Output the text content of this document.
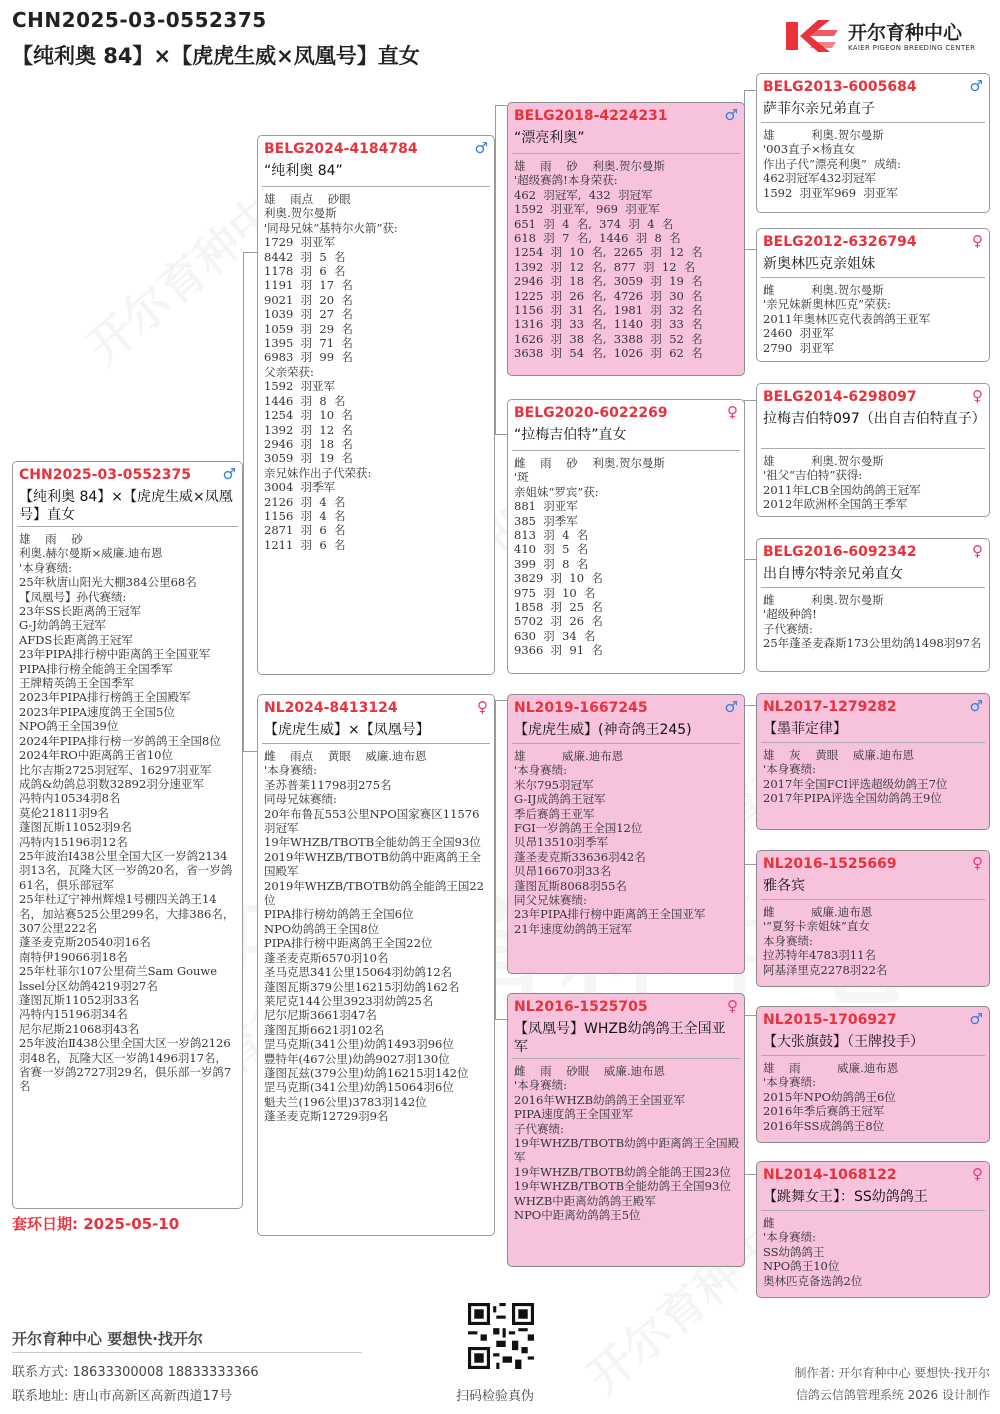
CHN2025-03-0552375
【纯利奥 84】×【虎虎生威×凤凰号】直女
开尔育种中心
KAIER PIGEON BREEDING CENTER
CHN2025-03-0552375 ♂
【纯利奥 84】×【虎虎生威×凤凰号】直女
雄    雨    砂
利奥.赫尔曼斯×威廉.迪布恩
'本身赛绩:
25年秋唐山阳光大棚384公里68名
【凤凰号】孙代赛绩:
23年SS长距离鸽王冠军
G-J幼鸽鸽王冠军
AFDS长距离鸽王冠军
23年PIPA排行榜中距离鸽王全国亚军
PIPA排行榜全能鸽王全国季军
王牌精英鸽王全国季军
2023年PIPA排行榜鸽王全国殿军
2023年PIPA速度鸽王全国5位
NPO鸽王全国39位
2024年PIPA排行榜一岁鸽鸽王全国8位
2024年RO中距离鸽王省10位
比尔吉斯2725羽冠军、16297羽亚军
成鸽&幼鸽总羽数32892羽分速亚军
冯特内10534羽8名
莫伦21811羽9名
蓬图瓦斯11052羽9名
冯特内15196羽12名
25年波治Ⅰ438公里全国大区一岁鸽2134羽13名，瓦隆大区一岁鸽20名，省一岁鸽61名，俱乐部冠军
25年杜辽宁神州辉煌1号棚四关鸽王14名，加站赛525公里299名，大排386名，307公里222名
蓬圣麦克斯20540羽16名
南特伊19066羽18名
25年杜菲尔107公里荷兰Sam Gouwe lssel分区幼鸽4219羽27名
蓬图瓦斯11052羽33名
冯特内15196羽34名
尼尔尼斯21068羽43名
25年波治Ⅱ438公里全国大区一岁鸽2126羽48名，瓦隆大区一岁鸽1496羽17名，省赛一岁鸽2727羽29名，俱乐部一岁鸽7名
BELG2024-4184784	♂
“纯利奥 84”
雄    雨点    砂眼
利奥.贺尔曼斯
'同母兄妹“基特尔火箭”获:
1729  羽亚军
8442  羽  5  名
1178  羽  6  名
1191  羽  17  名
9021  羽  20  名
1039  羽  27  名
1059  羽  29  名
1395  羽  71  名
6983  羽  99  名
父亲荣获:
1592  羽亚军
1446  羽  8  名
1254  羽  10  名
1392  羽  12  名
2946  羽  18  名
3059  羽  19  名
亲兄妹作出子代荣获:
3004  羽季军
2126  羽  4  名
1156  羽  4  名
2871  羽  6  名
1211  羽  6  名
NL2024-8413124	♀
【虎虎生威】×【凤凰号】
雌    雨点    黄眼    威廉.迪布恩
'本身赛绩:
圣苏普莱11798羽275名
同母兄妹赛绩:
20年布鲁瓦553公里NPO国家赛区11576羽冠军
19年WHZB/TBOTB全能幼鸽王全国93位
2019年WHZB/TBOTB幼鸽中距离鸽王全国殿军
2019年WHZB/TBOTB幼鸽全能鸽王国22位
PIPA排行榜幼鸽鸽王全国6位
NPO幼鸽鸽王全国8位
PIPA排行榜中距离鸽王全国22位
蓬圣麦克斯6570羽10名
圣马克思341公里15064羽幼鸽12名
蓬图瓦斯379公里16215羽幼鸽162名
莱尼克144公里3923羽幼鸽25名
尼尔尼斯3661羽47名
蓬图瓦斯6621羽102名
罡马克斯(341公里)幼鸽1493羽96位
豐特年(467公里)幼鸽9027羽130位
蓬图瓦兹(379公里)幼鸽16215羽142位
罡马克斯(341公里)幼鸽15064羽6位
魁夫兰(196公里)3783羽142位
蓬圣麦克斯12729羽9名
BELG2018-4224231	♂
“漂亮利奥”
雄    雨    砂    利奥.贺尔曼斯
'超级赛鸽!本身荣获:
462  羽冠军,  432  羽冠军
1592  羽亚军,  969  羽亚军
651  羽  4  名,  374  羽  4  名
618  羽  7  名,  1446  羽  8  名
1254  羽  10  名,  2265  羽  12  名
1392  羽  12  名,  877  羽  12  名
2946  羽  18  名,  3059  羽  19  名
1225  羽  26  名,  4726  羽  30  名
1156  羽  31  名,  1981  羽  32  名
1316  羽  33  名,  1140  羽  33  名
1626  羽  38  名,  3388  羽  52  名
3638  羽  54  名,  1026  羽  62  名
BELG2020-6022269	♀
“拉梅吉伯特”直女
雌    雨    砂    利奥.贺尔曼斯
'斑
亲姐妹“罗宾”获:
881  羽亚军
385  羽季军
813  羽  4  名
410  羽  5  名
399  羽  8  名
3829  羽  10  名
975  羽  10  名
1858  羽  25  名
5702  羽  26  名
630  羽  34  名
9366  羽  91  名
NL2019-1667245	♂
【虎虎生威】(神奇鸽王245)
雄          威廉.迪布恩
'本身赛绩:
米尔795羽冠军
G-IJ成鸽鸽王冠军
季后赛鸽王亚军
FGI一岁鸽鸽王全国12位
贝昂13510羽季军
蓬圣麦克斯33636羽42名
贝昂16670羽33名
蓬图瓦斯8068羽55名
同父兄妹赛绩:
23年PIPA排行榜中距离鸽王全国亚军
21年速度幼鸽鸽王冠军
NL2016-1525705	♀
【凤凰号】WHZB幼鸽鸽王全国亚军
雌    雨    砂眼    威廉.迪布恩
'本身赛绩:
2016年WHZB幼鸽鸽王全国亚军
PIPA速度鸽王全国亚军
子代赛绩:
19年WHZB/TBOTB幼鸽中距离鸽王全国殿军
19年WHZB/TBOTB幼鸽全能鸽王国23位
19年WHZB/TBOTB全能幼鸽王全国93位
WHZB中距离幼鸽鸽王殿军
NPO中距离幼鸽鸽王5位
BELG2013-6005684	♂
萨菲尔亲兄弟直子
雄          利奥.贺尔曼斯
'003直子×杨直女
作出子代“漂亮利奥”  成绩:
462羽冠军432羽冠军
1592  羽亚军969  羽亚军
BELG2012-6326794	♀
新奥林匹克亲姐妹
雌          利奥.贺尔曼斯
'亲兄妹新奥林匹克”荣获:
2011年奥林匹克代表鸽鸽王亚军
2460  羽亚军
2790  羽亚军
BELG2014-6298097	♀
拉梅吉伯特097（出自吉伯特直子）
雄          利奥.贺尔曼斯
'祖父“吉伯特”获得:
2011年LCB全国幼鸽鸽王冠军
2012年欧洲杯全国鸽王季军
BELG2016-6092342	♀
出自博尔特亲兄弟直女
雌          利奥.贺尔曼斯
'超级种鸽!
子代赛绩:
25年蓬圣麦森斯173公里幼鸽1498羽97名
NL2017-1279282	♂
【墨菲定律】
雄    灰    黄眼    威廉.迪布恩
'本身赛绩:
2017年全国FCI评选超级幼鸽王7位
2017年PIPA评选全国幼鸽鸽王9位
NL2016-1525669	♀
雅各宾
雌          威廉.迪布恩
'“夏努卡亲姐妹”直女
本身赛绩:
拉苏特年4783羽11名
阿基泽里克2278羽22名
NL2015-1706927	♂
【大张旗鼓】（王牌投手）
雄    雨          威廉.迪布恩
'本身赛绩:
2015年NPO幼鸽鸽王6位
2016年季后赛鸽王冠军
2016年SS成鸽鸽王8位
NL2014-1068122	♀
【跳舞女王】：SS幼鸽鸽王
雌
'本身赛绩:
SS幼鸽鸽王
NPO鸽王10位
奥林匹克备选鸽2位
套环日期: 2025-05-10
开尔育种中心 要想快·找开尔
联系方式: 18633300008 18833333366
联系地址: 唐山市高新区高新西道17号	扫码检验真伪
制作者: 开尔育种中心 要想快·找开尔
信鸽云信鸽管理系统 2026 设计制作
